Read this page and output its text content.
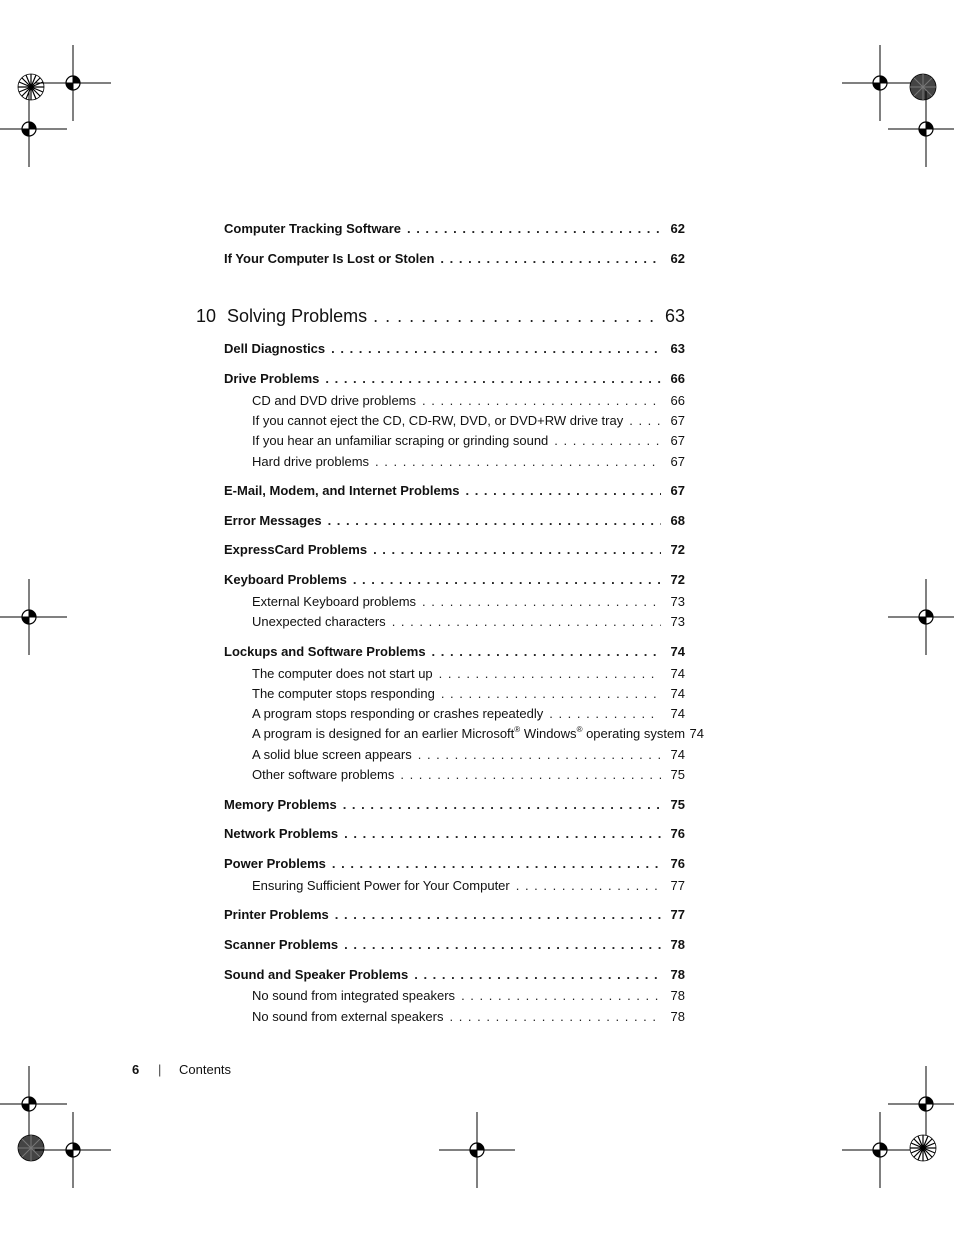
Computer Tracking Software . . .	62
If Your Computer Is Lost or Stolen . . .	62
10 Solving Problems . . .	63
Dell Diagnostics . . .	63
Drive Problems . . .	66
CD and DVD drive problems . . .	66
If you cannot eject the CD, CD-RW, DVD, or DVD+RW drive tray . . .	67
If you hear an unfamiliar scraping or grinding sound . . .	67
Hard drive problems . . .	67
E-Mail, Modem, and Internet Problems . . .	67
Error Messages . . .	68
ExpressCard Problems . . .	72
Keyboard Problems . . .	72
External Keyboard problems . . .	73
Unexpected characters . . .	73
Lockups and Software Problems . . .	74
The computer does not start up . . .	74
The computer stops responding . . .	74
A program stops responding or crashes repeatedly . . .	74
A program is designed for an earlier Microsoft® Windows® operating system 74
A solid blue screen appears . . .	74
Other software problems . . .	75
Memory Problems . . .	75
Network Problems . . .	76
Power Problems . . .	76
Ensuring Sufficient Power for Your Computer . . .	77
Printer Problems . . .	77
Scanner Problems . . .	78
Sound and Speaker Problems . . .	78
No sound from integrated speakers . . .	78
No sound from external speakers . . .	78
6 | Contents
